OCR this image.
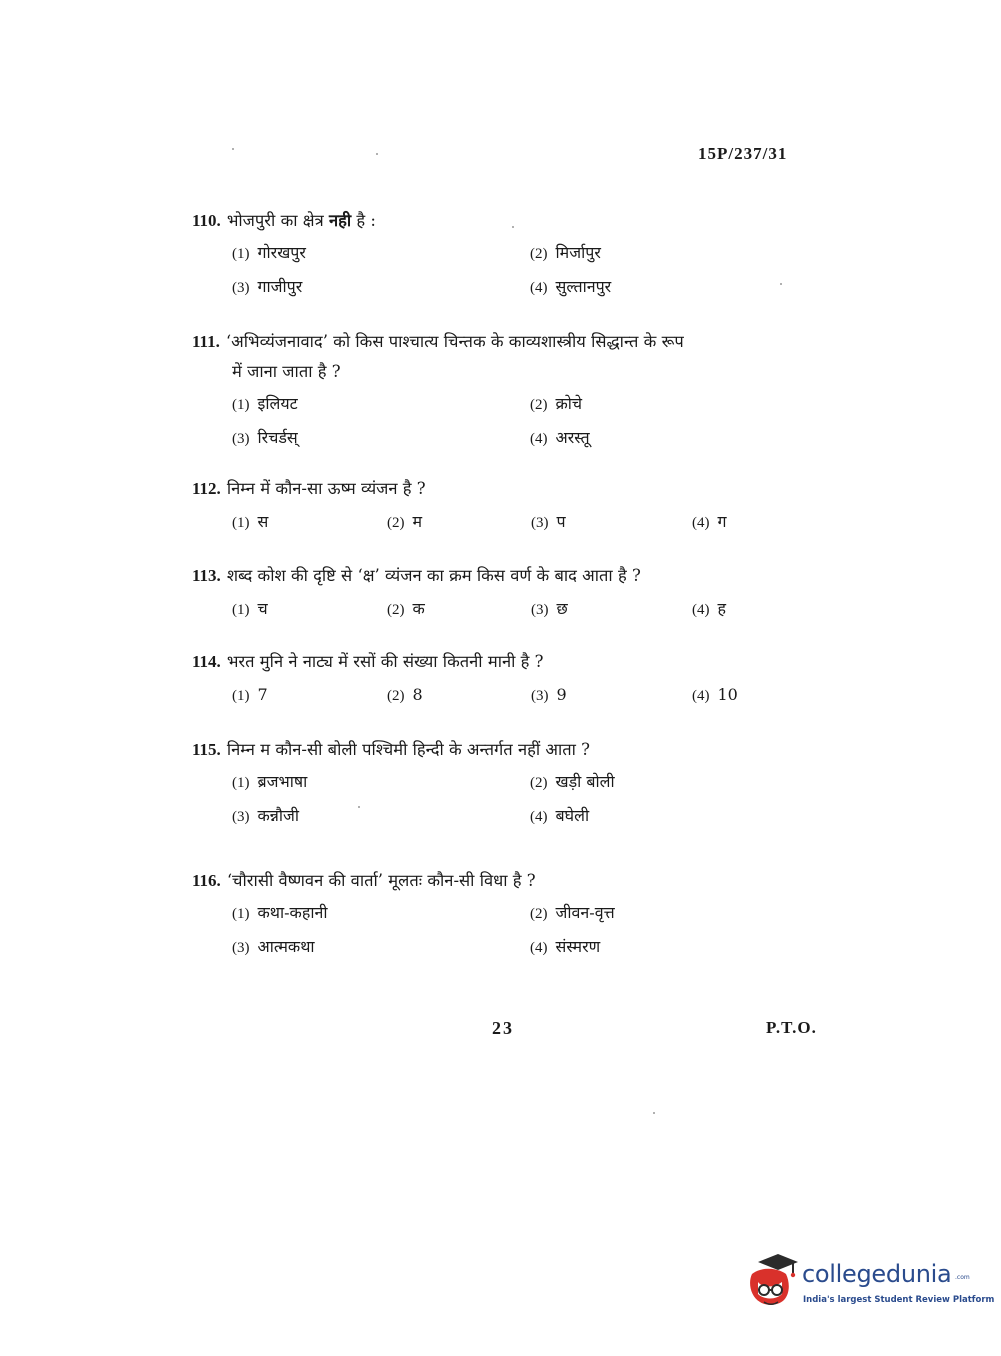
15P/237/31
110. भोजपुरी का क्षेत्र नही है :
(1) गोरखपुर	(2) मिर्जापुर
(3) गाजीपुर	(4) सुल्तानपुर
111. ‘अभिव्यंजनावाद’ को किस पाश्चात्य चिन्तक के काव्यशास्त्रीय सिद्धान्त के रूप
में जाना जाता है ?
(1) इलियट	(2) क्रोचे
(3) रिचर्डस्	(4) अरस्तू
112. निम्न में कौन-सा ऊष्म व्यंजन है ?
(1) स	(2) म	(3) प	(4) ग
113. शब्द कोश की दृष्टि से ‘क्ष’ व्यंजन का क्रम किस वर्ण के बाद आता है ?
(1) च	(2) क	(3) छ	(4) ह
114. भरत मुनि ने नाट्य में रसों की संख्या कितनी मानी है ?
(1) 7	(2) 8	(3) 9	(4) 10
115. निम्न म कौन-सी बोली पश्चिमी हिन्दी के अन्तर्गत नहीं आता ?
(1) ब्रजभाषा	(2) खड़ी बोली
(3) कन्नौजी	(4) बघेली
116. ‘चौरासी वैष्णवन की वार्ता’ मूलतः कौन-सी विधा है ?
(1) कथा-कहानी	(2) जीवन-वृत्त
(3) आत्मकथा	(4) संस्मरण
23	P.T.O.
collegedunia .com
India's largest Student Review Platform
